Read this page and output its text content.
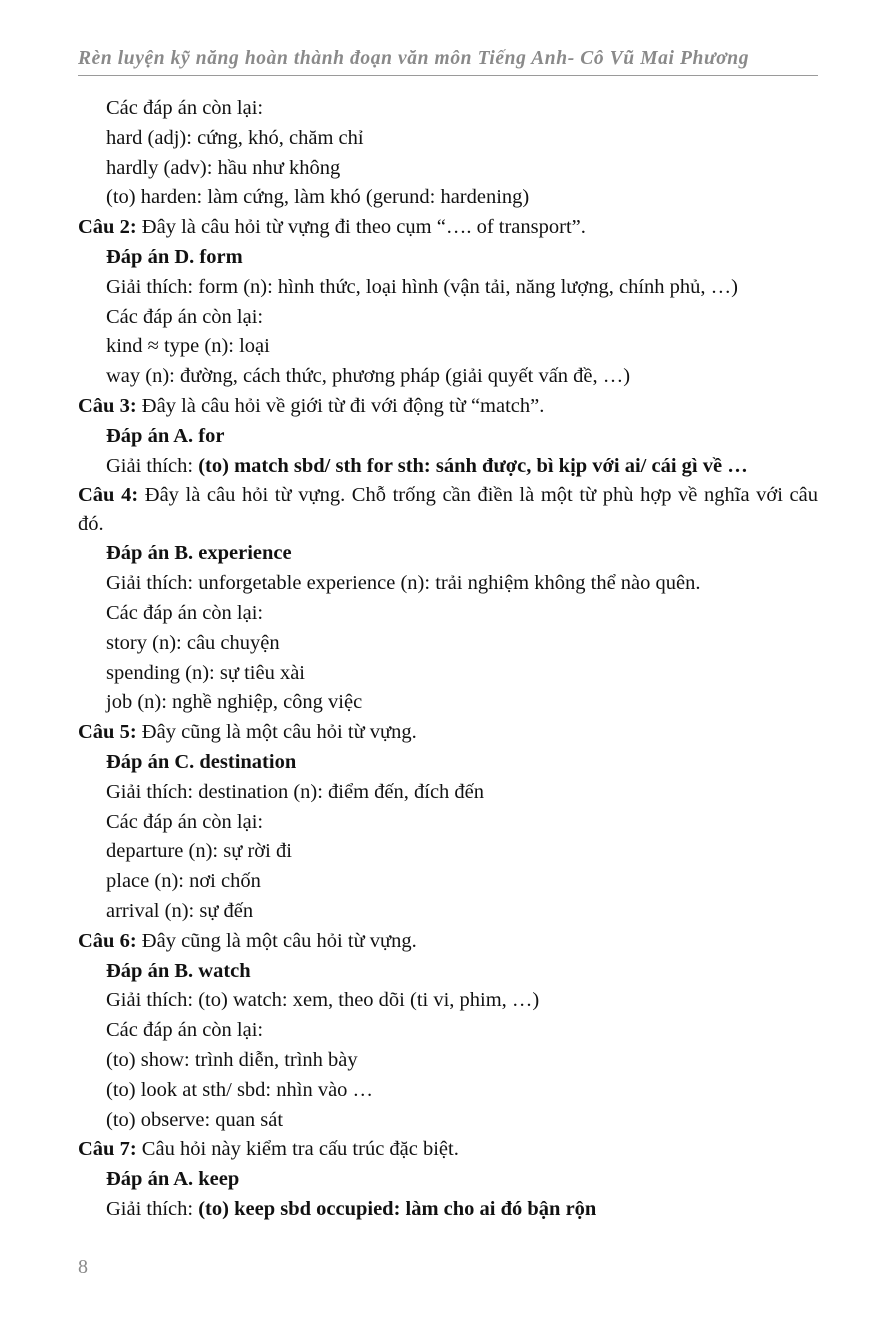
Rèn luyện kỹ năng hoàn thành đoạn văn môn Tiếng Anh- Cô Vũ Mai Phương
Các đáp án còn lại:
hard (adj): cứng, khó, chăm chỉ
hardly (adv): hầu như không
(to) harden: làm cứng, làm khó (gerund: hardening)
Câu 2: Đây là câu hỏi từ vựng đi theo cụm “…. of transport”.
Đáp án D. form
Giải thích: form (n): hình thức, loại hình (vận tải, năng lượng, chính phủ, …)
Các đáp án còn lại:
kind ≈ type (n): loại
way (n): đường, cách thức, phương pháp (giải quyết vấn đề, …)
Câu 3: Đây là câu hỏi về giới từ đi với động từ “match”.
Đáp án A. for
Giải thích: (to) match sbd/ sth for sth: sánh được, bì kịp với ai/ cái gì về …
Câu 4: Đây là câu hỏi từ vựng. Chỗ trống cần điền là một từ phù hợp về nghĩa với câu đó.
Đáp án B. experience
Giải thích: unforgetable experience (n): trải nghiệm không thể nào quên.
Các đáp án còn lại:
story (n): câu chuyện
spending (n): sự tiêu xài
job (n): nghề nghiệp, công việc
Câu 5: Đây cũng là một câu hỏi từ vựng.
Đáp án C. destination
Giải thích: destination (n): điểm đến, đích đến
Các đáp án còn lại:
departure (n): sự rời đi
place (n): nơi chốn
arrival (n): sự đến
Câu 6: Đây cũng là một câu hỏi từ vựng.
Đáp án B. watch
Giải thích: (to) watch: xem, theo dõi (ti vi, phim, …)
Các đáp án còn lại:
(to) show: trình diễn, trình bày
(to) look at sth/ sbd: nhìn vào …
(to) observe: quan sát
Câu 7: Câu hỏi này kiểm tra cấu trúc đặc biệt.
Đáp án A. keep
Giải thích: (to) keep sbd occupied: làm cho ai đó bận rộn
8
